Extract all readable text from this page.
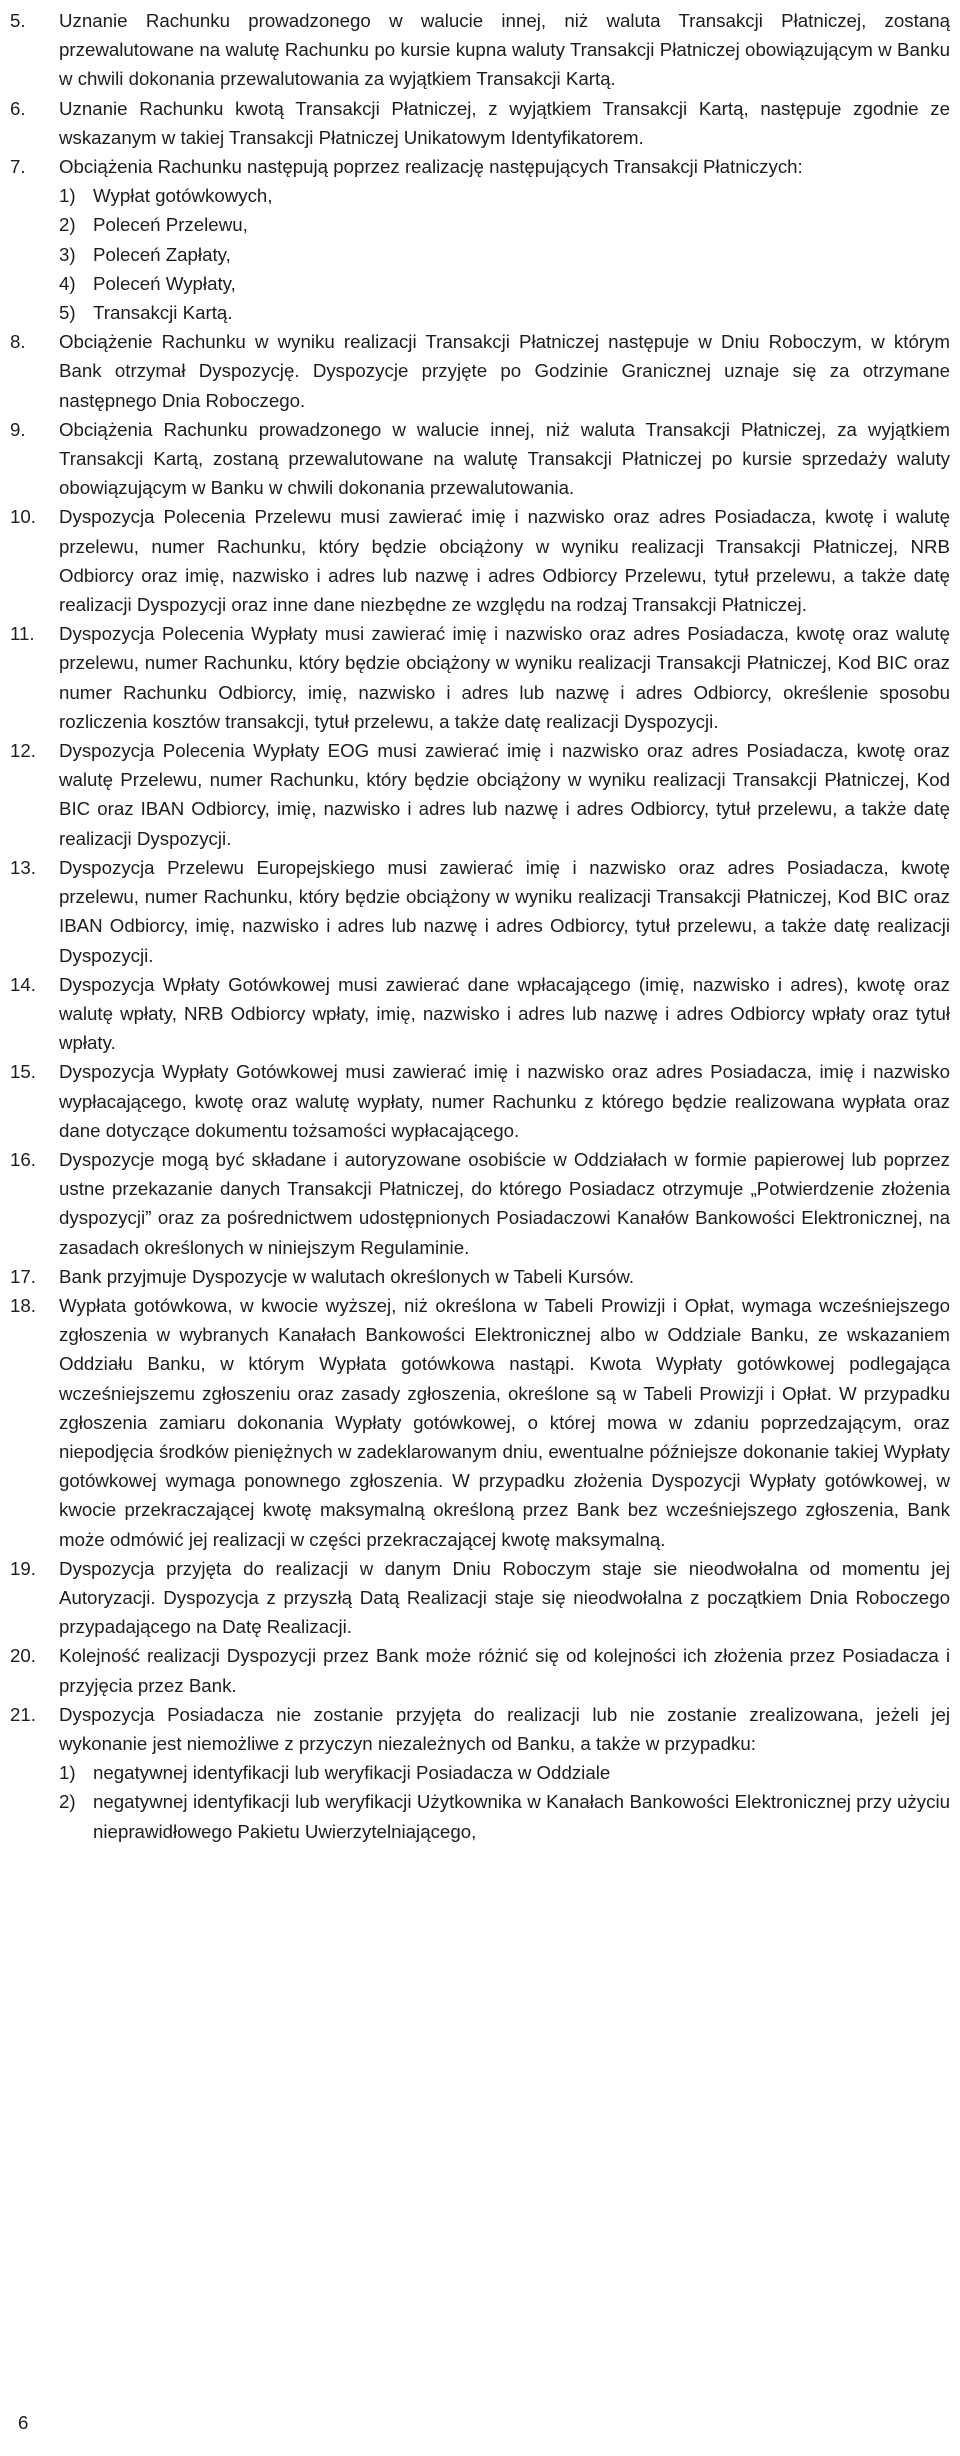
5.	Uznanie Rachunku prowadzonego w walucie innej, niż waluta Transakcji Płatniczej, zostaną przewalutowane na walutę Rachunku po kursie kupna waluty Transakcji Płatniczej obowiązującym w Banku w chwili dokonania przewalutowania za wyjątkiem Transakcji Kartą.
6.	Uznanie Rachunku kwotą Transakcji Płatniczej, z wyjątkiem Transakcji Kartą, następuje zgodnie ze wskazanym w takiej Transakcji Płatniczej Unikatowym Identyfikatorem.
7.	Obciążenia Rachunku następują poprzez realizację następujących Transakcji Płatniczych:
1) Wypłat gotówkowych,
2) Poleceń Przelewu,
3) Poleceń Zapłaty,
4) Poleceń Wypłaty,
5) Transakcji Kartą.
8.	Obciążenie Rachunku w wyniku realizacji Transakcji Płatniczej następuje w Dniu Roboczym, w którym Bank otrzymał Dyspozycję. Dyspozycje przyjęte po Godzinie Granicznej uznaje się za otrzymane następnego Dnia Roboczego.
9.	Obciążenia Rachunku prowadzonego w walucie innej, niż waluta Transakcji Płatniczej, za wyjątkiem Transakcji Kartą, zostaną przewalutowane na walutę Transakcji Płatniczej po kursie sprzedaży waluty obowiązującym w Banku w chwili dokonania przewalutowania.
10.	Dyspozycja Polecenia Przelewu musi zawierać imię i nazwisko oraz adres Posiadacza, kwotę i walutę przelewu, numer Rachunku, który będzie obciążony w wyniku realizacji Transakcji Płatniczej, NRB Odbiorcy oraz imię, nazwisko i adres lub nazwę i adres Odbiorcy Przelewu, tytuł przelewu, a także datę realizacji Dyspozycji oraz inne dane niezbędne ze względu na rodzaj Transakcji Płatniczej.
11.	Dyspozycja Polecenia Wypłaty musi zawierać imię i nazwisko oraz adres Posiadacza, kwotę oraz walutę przelewu, numer Rachunku, który będzie obciążony w wyniku realizacji Transakcji Płatniczej, Kod BIC oraz numer Rachunku Odbiorcy, imię, nazwisko i adres lub nazwę i adres Odbiorcy, określenie sposobu rozliczenia kosztów transakcji, tytuł przelewu, a także datę realizacji Dyspozycji.
12.	Dyspozycja Polecenia Wypłaty EOG musi zawierać imię i nazwisko oraz adres Posiadacza, kwotę oraz walutę Przelewu, numer Rachunku, który będzie obciążony w wyniku realizacji Transakcji Płatniczej, Kod BIC oraz IBAN Odbiorcy, imię, nazwisko i adres lub nazwę i adres Odbiorcy, tytuł przelewu, a także datę realizacji Dyspozycji.
13.	Dyspozycja Przelewu Europejskiego musi zawierać imię i nazwisko oraz adres Posiadacza, kwotę przelewu, numer Rachunku, który będzie obciążony w wyniku realizacji Transakcji Płatniczej, Kod BIC oraz IBAN Odbiorcy, imię, nazwisko i adres lub nazwę i adres Odbiorcy, tytuł przelewu, a także datę realizacji Dyspozycji.
14.	Dyspozycja Wpłaty Gotówkowej musi zawierać dane wpłacającego (imię, nazwisko i adres), kwotę oraz walutę wpłaty, NRB Odbiorcy wpłaty, imię, nazwisko i adres lub nazwę i adres Odbiorcy wpłaty oraz tytuł wpłaty.
15.	Dyspozycja Wypłaty Gotówkowej musi zawierać imię i nazwisko oraz adres Posiadacza, imię i nazwisko wypłacającego, kwotę oraz walutę wypłaty, numer Rachunku z którego będzie realizowana wypłata oraz dane dotyczące dokumentu tożsamości wypłacającego.
16.	Dyspozycje mogą być składane i autoryzowane osobiście w Oddziałach w formie papierowej lub poprzez ustne przekazanie danych Transakcji Płatniczej, do którego Posiadacz otrzymuje „Potwierdzenie złożenia dyspozycji” oraz za pośrednictwem udostępnionych Posiadaczowi Kanałów Bankowości Elektronicznej, na zasadach określonych w niniejszym Regulaminie.
17.	Bank przyjmuje Dyspozycje w walutach określonych w Tabeli Kursów.
18.	Wypłata gotówkowa, w kwocie wyższej, niż określona w Tabeli Prowizji i Opłat, wymaga wcześniejszego zgłoszenia w wybranych Kanałach Bankowości Elektronicznej albo w Oddziale Banku, ze wskazaniem Oddziału Banku, w którym Wypłata gotówkowa nastąpi. Kwota Wypłaty gotówkowej podlegająca wcześniejszemu zgłoszeniu oraz zasady zgłoszenia, określone są w Tabeli Prowizji i Opłat. W przypadku zgłoszenia zamiaru dokonania Wypłaty gotówkowej, o której mowa w zdaniu poprzedzającym, oraz niepodjęcia środków pieniężnych w zadeklarowanym dniu, ewentualne późniejsze dokonanie takiej Wypłaty gotówkowej wymaga ponownego zgłoszenia. W przypadku złożenia Dyspozycji Wypłaty gotówkowej, w kwocie przekraczającej kwotę maksymalną określoną przez Bank bez wcześniejszego zgłoszenia, Bank może odmówić jej realizacji w części przekraczającej kwotę maksymalną.
19.	Dyspozycja przyjęta do realizacji w danym Dniu Roboczym staje sie nieodwołalna od momentu jej Autoryzacji. Dyspozycja z przyszłą Datą Realizacji staje się nieodwołalna z początkiem Dnia Roboczego przypadającego na Datę Realizacji.
20.	Kolejność realizacji Dyspozycji przez Bank może różnić się od kolejności ich złożenia przez Posiadacza i przyjęcia przez Bank.
21.	Dyspozycja Posiadacza nie zostanie przyjęta do realizacji lub nie zostanie zrealizowana, jeżeli jej wykonanie jest niemożliwe z przyczyn niezależnych od Banku, a także w przypadku:
1) negatywnej identyfikacji lub weryfikacji Posiadacza w Oddziale
2) negatywnej identyfikacji lub weryfikacji Użytkownika w Kanałach Bankowości Elektronicznej przy użyciu nieprawidłowego Pakietu Uwierzytelniającego,
6
